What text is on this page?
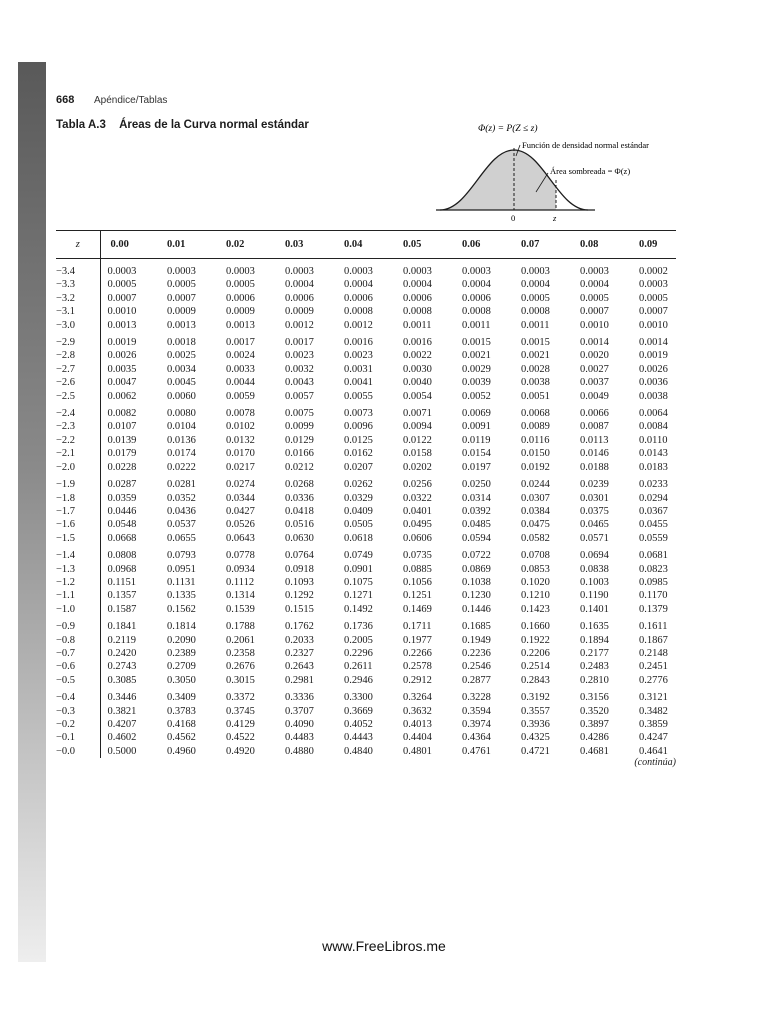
668 Apéndice/Tablas
Tabla A.3 Áreas de la Curva normal estándar	Φ(z) = P(Z ≤ z)
Función de densidad normal estándar
Área sombreada = Φ(z)
0	z
z	0.00	0.01	0.02	0.03	0.04	0.05	0.06	0.07	0.08	0.09
−3.4	0.0003	0.0003	0.0003	0.0003	0.0003	0.0003	0.0003	0.0003	0.0003	0.0002
−3.3	0.0005	0.0005	0.0005	0.0004	0.0004	0.0004	0.0004	0.0004	0.0004	0.0003
−3.2	0.0007	0.0007	0.0006	0.0006	0.0006	0.0006	0.0006	0.0005	0.0005	0.0005
−3.1	0.0010	0.0009	0.0009	0.0009	0.0008	0.0008	0.0008	0.0008	0.0007	0.0007
−3.0	0.0013	0.0013	0.0013	0.0012	0.0012	0.0011	0.0011	0.0011	0.0010	0.0010
−2.9	0.0019	0.0018	0.0017	0.0017	0.0016	0.0016	0.0015	0.0015	0.0014	0.0014
−2.8	0.0026	0.0025	0.0024	0.0023	0.0023	0.0022	0.0021	0.0021	0.0020	0.0019
−2.7	0.0035	0.0034	0.0033	0.0032	0.0031	0.0030	0.0029	0.0028	0.0027	0.0026
−2.6	0.0047	0.0045	0.0044	0.0043	0.0041	0.0040	0.0039	0.0038	0.0037	0.0036
−2.5	0.0062	0.0060	0.0059	0.0057	0.0055	0.0054	0.0052	0.0051	0.0049	0.0038
−2.4	0.0082	0.0080	0.0078	0.0075	0.0073	0.0071	0.0069	0.0068	0.0066	0.0064
−2.3	0.0107	0.0104	0.0102	0.0099	0.0096	0.0094	0.0091	0.0089	0.0087	0.0084
−2.2	0.0139	0.0136	0.0132	0.0129	0.0125	0.0122	0.0119	0.0116	0.0113	0.0110
−2.1	0.0179	0.0174	0.0170	0.0166	0.0162	0.0158	0.0154	0.0150	0.0146	0.0143
−2.0	0.0228	0.0222	0.0217	0.0212	0.0207	0.0202	0.0197	0.0192	0.0188	0.0183
−1.9	0.0287	0.0281	0.0274	0.0268	0.0262	0.0256	0.0250	0.0244	0.0239	0.0233
−1.8	0.0359	0.0352	0.0344	0.0336	0.0329	0.0322	0.0314	0.0307	0.0301	0.0294
−1.7	0.0446	0.0436	0.0427	0.0418	0.0409	0.0401	0.0392	0.0384	0.0375	0.0367
−1.6	0.0548	0.0537	0.0526	0.0516	0.0505	0.0495	0.0485	0.0475	0.0465	0.0455
−1.5	0.0668	0.0655	0.0643	0.0630	0.0618	0.0606	0.0594	0.0582	0.0571	0.0559
−1.4	0.0808	0.0793	0.0778	0.0764	0.0749	0.0735	0.0722	0.0708	0.0694	0.0681
−1.3	0.0968	0.0951	0.0934	0.0918	0.0901	0.0885	0.0869	0.0853	0.0838	0.0823
−1.2	0.1151	0.1131	0.1112	0.1093	0.1075	0.1056	0.1038	0.1020	0.1003	0.0985
−1.1	0.1357	0.1335	0.1314	0.1292	0.1271	0.1251	0.1230	0.1210	0.1190	0.1170
−1.0	0.1587	0.1562	0.1539	0.1515	0.1492	0.1469	0.1446	0.1423	0.1401	0.1379
−0.9	0.1841	0.1814	0.1788	0.1762	0.1736	0.1711	0.1685	0.1660	0.1635	0.1611
−0.8	0.2119	0.2090	0.2061	0.2033	0.2005	0.1977	0.1949	0.1922	0.1894	0.1867
−0.7	0.2420	0.2389	0.2358	0.2327	0.2296	0.2266	0.2236	0.2206	0.2177	0.2148
−0.6	0.2743	0.2709	0.2676	0.2643	0.2611	0.2578	0.2546	0.2514	0.2483	0.2451
−0.5	0.3085	0.3050	0.3015	0.2981	0.2946	0.2912	0.2877	0.2843	0.2810	0.2776
−0.4	0.3446	0.3409	0.3372	0.3336	0.3300	0.3264	0.3228	0.3192	0.3156	0.3121
−0.3	0.3821	0.3783	0.3745	0.3707	0.3669	0.3632	0.3594	0.3557	0.3520	0.3482
−0.2	0.4207	0.4168	0.4129	0.4090	0.4052	0.4013	0.3974	0.3936	0.3897	0.3859
−0.1	0.4602	0.4562	0.4522	0.4483	0.4443	0.4404	0.4364	0.4325	0.4286	0.4247
−0.0	0.5000	0.4960	0.4920	0.4880	0.4840	0.4801	0.4761	0.4721	0.4681	0.4641
(continúa)
www.FreeLibros.me
